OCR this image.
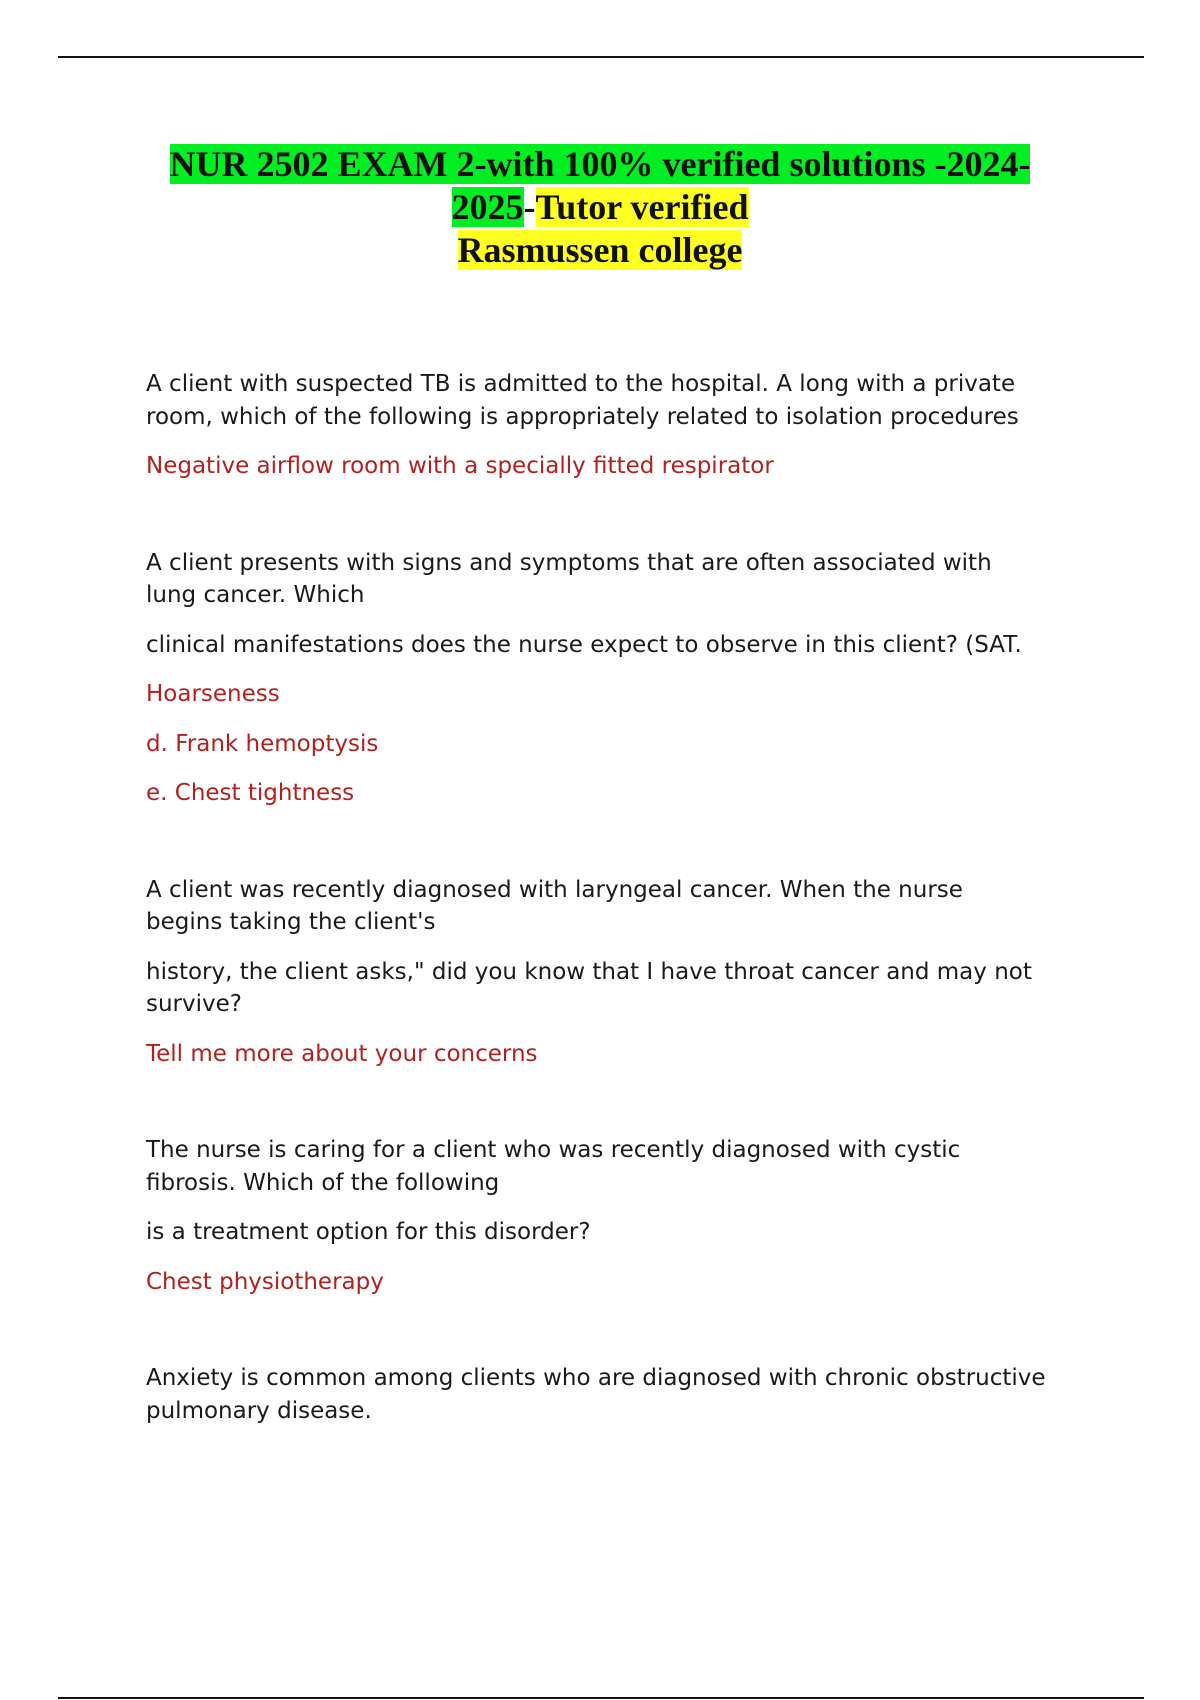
NUR 2502 EXAM 2-with 100% verified solutions -2024-
2025-Tutor verified
Rasmussen college

A client with suspected TB is admitted to the hospital. A long with a private room, which of the following is appropriately related to isolation procedures

Negative airflow room with a specially fitted respirator

A client presents with signs and symptoms that are often associated with lung cancer. Which

clinical manifestations does the nurse expect to observe in this client? (SAT.

Hoarseness

d. Frank hemoptysis

e. Chest tightness

A client was recently diagnosed with laryngeal cancer. When the nurse begins taking the client's

history, the client asks," did you know that I have throat cancer and may not survive?

Tell me more about your concerns

The nurse is caring for a client who was recently diagnosed with cystic fibrosis. Which of the following

is a treatment option for this disorder?

Chest physiotherapy

Anxiety is common among clients who are diagnosed with chronic obstructive pulmonary disease.
